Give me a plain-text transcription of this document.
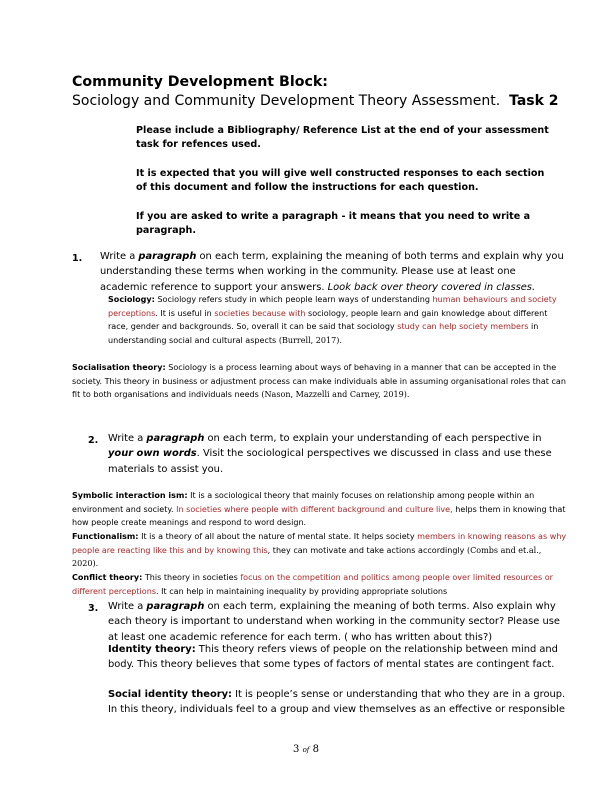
Community Development Block:
Sociology and Community Development Theory Assessment. Task 2
Please include a Bibliography/ Reference List at the end of your assessment task for refences used.
It is expected that you will give well constructed responses to each section of this document and follow the instructions for each question.
If you are asked to write a paragraph - it means that you need to write a paragraph.
1. Write a paragraph on each term, explaining the meaning of both terms and explain why you understanding these terms when working in the community. Please use at least one academic reference to support your answers. Look back over theory covered in classes.
Sociology: Sociology refers study in which people learn ways of understanding human behaviours and society perceptions. It is useful in societies because with sociology, people learn and gain knowledge about different race, gender and backgrounds. So, overall it can be said that sociology study can help society members in understanding social and cultural aspects (Burrell, 2017).
Socialisation theory: Sociology is a process learning about ways of behaving in a manner that can be accepted in the society. This theory in business or adjustment process can make individuals able in assuming organisational roles that can fit to both organisations and individuals needs (Nason, Mazzelli and Carney, 2019).
2. Write a paragraph on each term, to explain your understanding of each perspective in your own words. Visit the sociological perspectives we discussed in class and use these materials to assist you.
Symbolic interaction ism: It is a sociological theory that mainly focuses on relationship among people within an environment and society. In societies where people with different background and culture live, helps them in knowing that how people create meanings and respond to word design.
Functionalism: It is a theory of all about the nature of mental state. It helps society members in knowing reasons as why people are reacting like this and by knowing this, they can motivate and take actions accordingly (Combs and et.al., 2020).
Conflict theory: This theory in societies focus on the competition and politics among people over limited resources or different perceptions. It can help in maintaining inequality by providing appropriate solutions
3. Write a paragraph on each term, explaining the meaning of both terms. Also explain why each theory is important to understand when working in the community sector? Please use at least one academic reference for each term. ( who has written about this?)
Identity theory: This theory refers views of people on the relationship between mind and body. This theory believes that some types of factors of mental states are contingent fact.
Social identity theory: It is people’s sense or understanding that who they are in a group. In this theory, individuals feel to a group and view themselves as an effective or responsible
3 of 8
